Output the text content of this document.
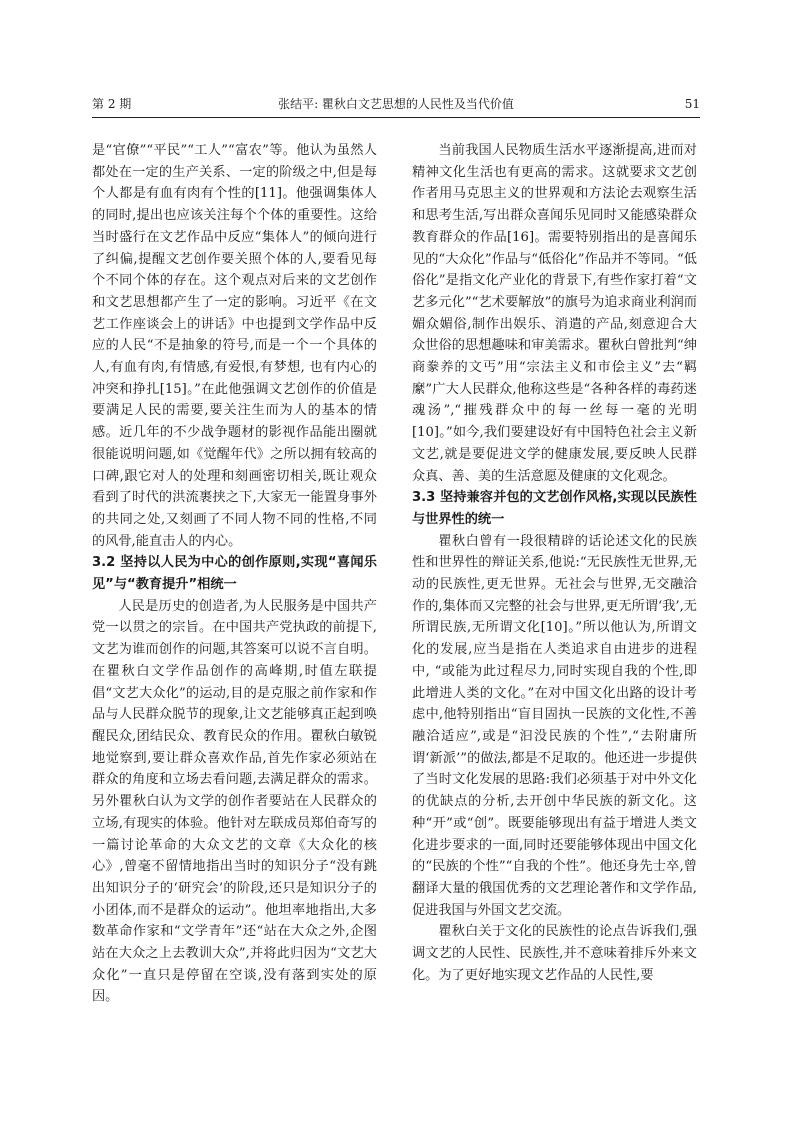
第 2 期	张结平: 瞿秋白文艺思想的人民性及当代价值	51

是“官僚”“平民”“工人”“富农”等。他认为虽然人都处在一定的生产关系、一定的阶级之中,但是每个人都是有血有肉有个性的[11]。他强调集体人的同时,提出也应该关注每个个体的重要性。这给当时盛行在文艺作品中反应“集体人”的倾向进行了纠偏,提醒文艺创作要关照个体的人,要看见每个不同个体的存在。这个观点对后来的文艺创作和文艺思想都产生了一定的影响。习近平《在文艺工作座谈会上的讲话》中也提到文学作品中反应的人民“不是抽象的符号,而是一个一个具体的人,有血有肉,有情感,有爱恨,有梦想, 也有内心的冲突和挣扎[15]。”在此他强调文艺创作的价值是要满足人民的需要,要关注生而为人的基本的情感。近几年的不少战争题材的影视作品能出圈就很能说明问题,如《觉醒年代》之所以拥有较高的口碑,跟它对人的处理和刻画密切相关,既让观众看到了时代的洪流裹挟之下,大家无一能置身事外的共同之处,又刻画了不同人物不同的性格,不同的风骨,能直击人的内心。

3.2 坚持以人民为中心的创作原则,实现“喜闻乐见”与“教育提升”相统一

人民是历史的创造者,为人民服务是中国共产党一以贯之的宗旨。在中国共产党执政的前提下,文艺为谁而创作的问题,其答案可以说不言自明。在瞿秋白文学作品创作的高峰期,时值左联提倡“文艺大众化”的运动,目的是克服之前作家和作品与人民群众脱节的现象,让文艺能够真正起到唤醒民众,团结民众、教育民众的作用。瞿秋白敏锐地觉察到,要让群众喜欢作品,首先作家必须站在群众的角度和立场去看问题,去满足群众的需求。另外瞿秋白认为文学的创作者要站在人民群众的立场,有现实的体验。他针对左联成员郑伯奇写的一篇讨论革命的大众文艺的文章《大众化的核心》,曾毫不留情地指出当时的知识分子“没有跳出知识分子的‘研究会’的阶段,还只是知识分子的小团体,而不是群众的运动”。他坦率地指出,大多数革命作家和“文学青年”还“站在大众之外,企图站在大众之上去教训大众”,并将此归因为“文艺大众化”一直只是停留在空谈,没有落到实处的原因。

当前我国人民物质生活水平逐渐提高,进而对精神文化生活也有更高的需求。这就要求文艺创作者用马克思主义的世界观和方法论去观察生活和思考生活,写出群众喜闻乐见同时又能感染群众教育群众的作品[16]。需要特别指出的是喜闻乐见的“大众化”作品与“低俗化”作品并不等同。“低俗化”是指文化产业化的背景下,有些作家打着“文艺多元化”“艺术要解放”的旗号为追求商业利润而媚众媚俗,制作出娱乐、消遣的产品,刻意迎合大众世俗的思想趣味和审美需求。瞿秋白曾批判“绅商豢养的文丐”用“宗法主义和市侩主义”去“羁縻”广大人民群众,他称这些是“各种各样的毒药迷魂汤”,“摧残群众中的每一丝每一毫的光明[10]。”如今,我们要建设好有中国特色社会主义新文艺,就是要促进文学的健康发展,要反映人民群众真、善、美的生活意愿及健康的文化观念。

3.3 坚持兼容并包的文艺创作风格,实现以民族性与世界性的统一

瞿秋白曾有一段很精辟的话论述文化的民族性和世界性的辩证关系,他说:“无民族性无世界,无动的民族性,更无世界。无社会与世界,无交融洽作的,集体而又完整的社会与世界,更无所谓‘我’,无所谓民族,无所谓文化[10]。”所以他认为,所谓文化的发展,应当是指在人类追求自由进步的进程中, “或能为此过程尽力,同时实现自我的个性,即此增进人类的文化。”在对中国文化出路的设计考虑中,他特别指出“盲目固执一民族的文化性,不善融洽适应”,或是“汩没民族的个性”,“去附庸所谓‘新派’”的做法,都是不足取的。他还进一步提供了当时文化发展的思路:我们必须基于对中外文化的优缺点的分析,去开创中华民族的新文化。这种“开”或“创”。既要能够现出有益于增进人类文化进步要求的一面,同时还要能够体现出中国文化的“民族的个性”“自我的个性”。他还身先士卒,曾翻译大量的俄国优秀的文艺理论著作和文学作品,促进我国与外国文艺交流。

瞿秋白关于文化的民族性的论点告诉我们,强调文艺的人民性、民族性,并不意味着排斥外来文化。为了更好地实现文艺作品的人民性,要
